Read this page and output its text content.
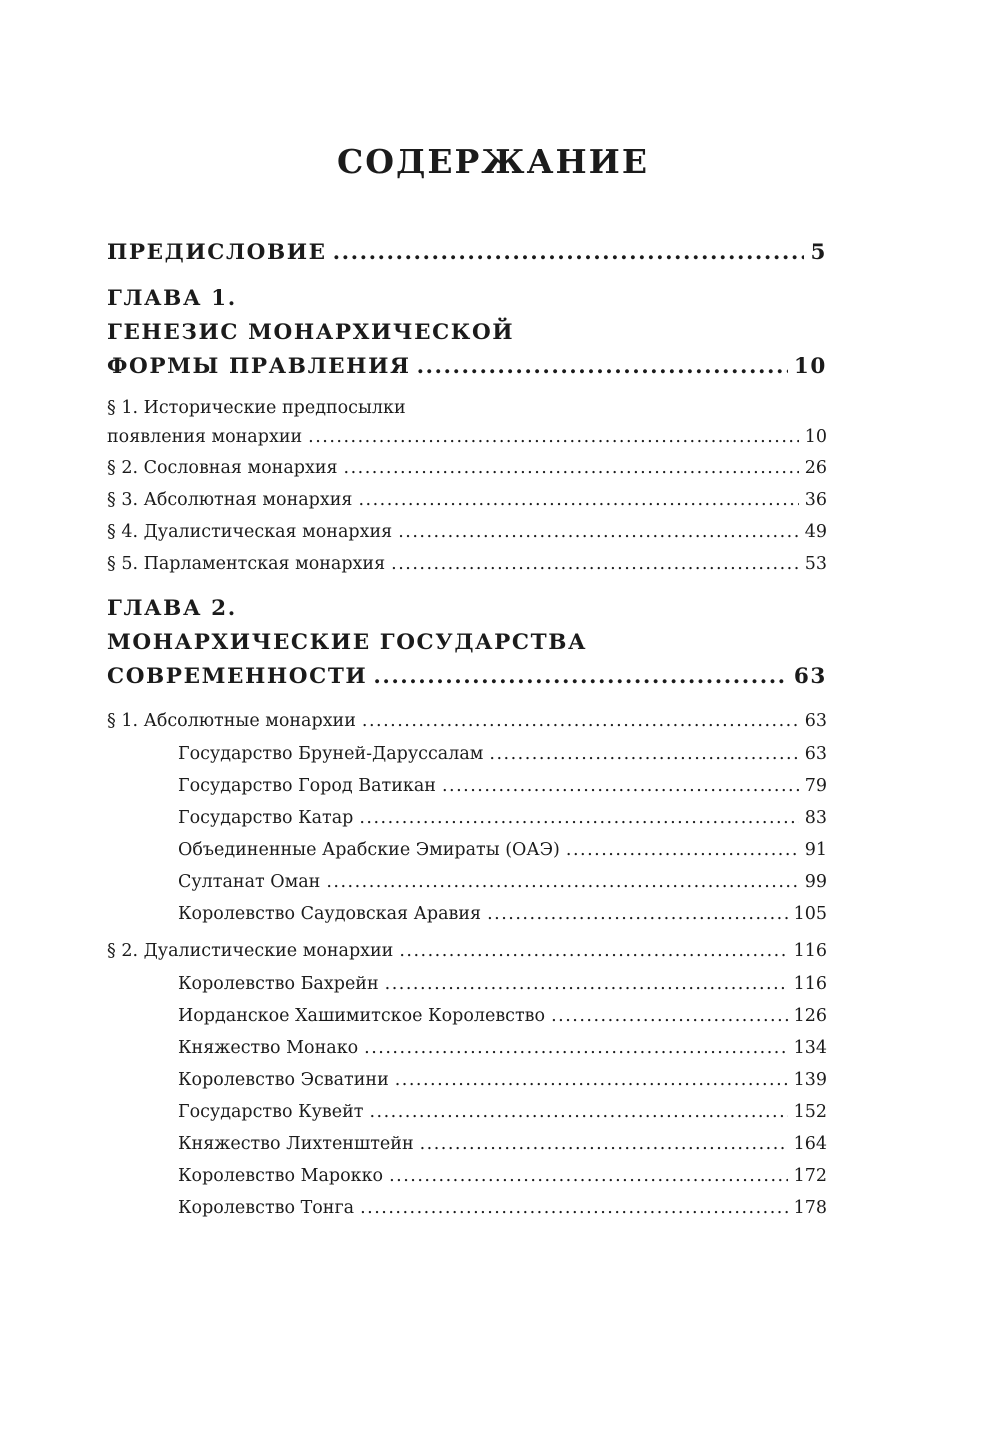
СОДЕРЖАНИЕ
ПРЕДИСЛОВИЕ .....	5
ГЛАВА 1.
ГЕНЕЗИС МОНАРХИЧЕСКОЙ
ФОРМЫ ПРАВЛЕНИЯ .....	10
§ 1. Исторические предпосылки
появления монархии .....	10
§ 2. Сословная монархия .....	26
§ 3. Абсолютная монархия .....	36
§ 4. Дуалистическая монархия .....	49
§ 5. Парламентская монархия .....	53
ГЛАВА 2.
МОНАРХИЧЕСКИЕ ГОСУДАРСТВА
СОВРЕМЕННОСТИ .....	63
§ 1. Абсолютные монархии .....	63
Государство Бруней-Даруссалам .....	63
Государство Город Ватикан .....	79
Государство Катар .....	83
Объединенные Арабские Эмираты (ОАЭ) .....	91
Султанат Оман .....	99
Королевство Саудовская Аравия .....	105
§ 2. Дуалистические монархии .....	116
Королевство Бахрейн .....	116
Иорданское Хашимитское Королевство .....	126
Княжество Монако .....	134
Королевство Эсватини .....	139
Государство Кувейт .....	152
Княжество Лихтенштейн .....	164
Королевство Марокко .....	172
Королевство Тонга .....	178
